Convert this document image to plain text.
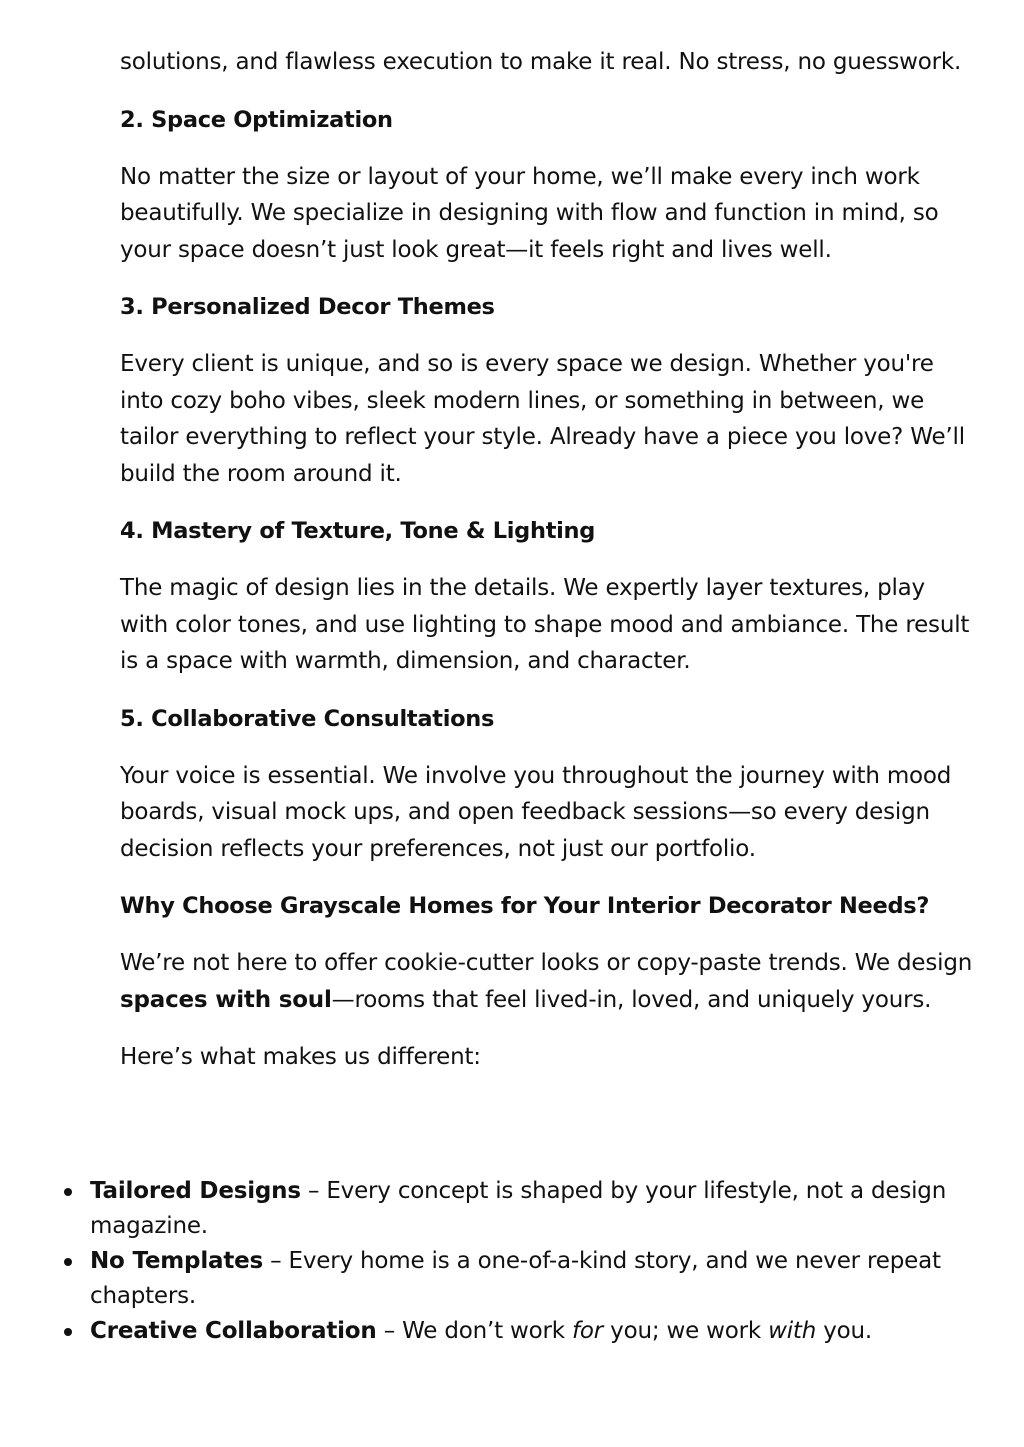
solutions, and flawless execution to make it real. No stress, no guesswork.

2. Space Optimization

No matter the size or layout of your home, we’ll make every inch work beautifully. We specialize in designing with flow and function in mind, so your space doesn’t just look great—it feels right and lives well.

3. Personalized Decor Themes

Every client is unique, and so is every space we design. Whether you're into cozy boho vibes, sleek modern lines, or something in between, we tailor everything to reflect your style. Already have a piece you love? We’ll build the room around it.

4. Mastery of Texture, Tone & Lighting

The magic of design lies in the details. We expertly layer textures, play with color tones, and use lighting to shape mood and ambiance. The result is a space with warmth, dimension, and character.

5. Collaborative Consultations

Your voice is essential. We involve you throughout the journey with mood boards, visual mock ups, and open feedback sessions—so every design decision reflects your preferences, not just our portfolio.

Why Choose Grayscale Homes for Your Interior Decorator Needs?

We’re not here to offer cookie-cutter looks or copy-paste trends. We design spaces with soul—rooms that feel lived-in, loved, and uniquely yours.

Here’s what makes us different:

Tailored Designs – Every concept is shaped by your lifestyle, not a design magazine.
No Templates – Every home is a one-of-a-kind story, and we never repeat chapters.
Creative Collaboration – We don’t work for you; we work with you.
